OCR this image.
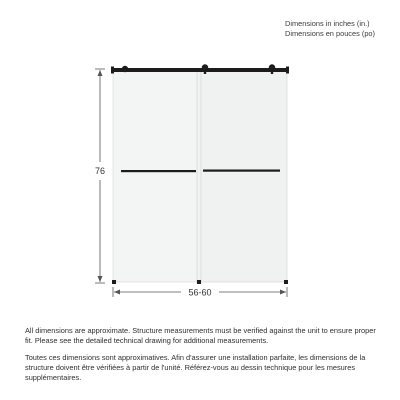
Dimensions in inches (in.)
Dimensions en pouces (po)
76
56-60

All dimensions are approximate. Structure measurements must be verified against the unit to ensure proper fit. Please see the detailed technical drawing for additional measurements.

Toutes ces dimensions sont approximatives. Afin d'assurer une installation parfaite, les dimensions de la structure doivent être vérifiées à partir de l'unité. Référez-vous au dessin technique pour les mesures supplémentaires.
